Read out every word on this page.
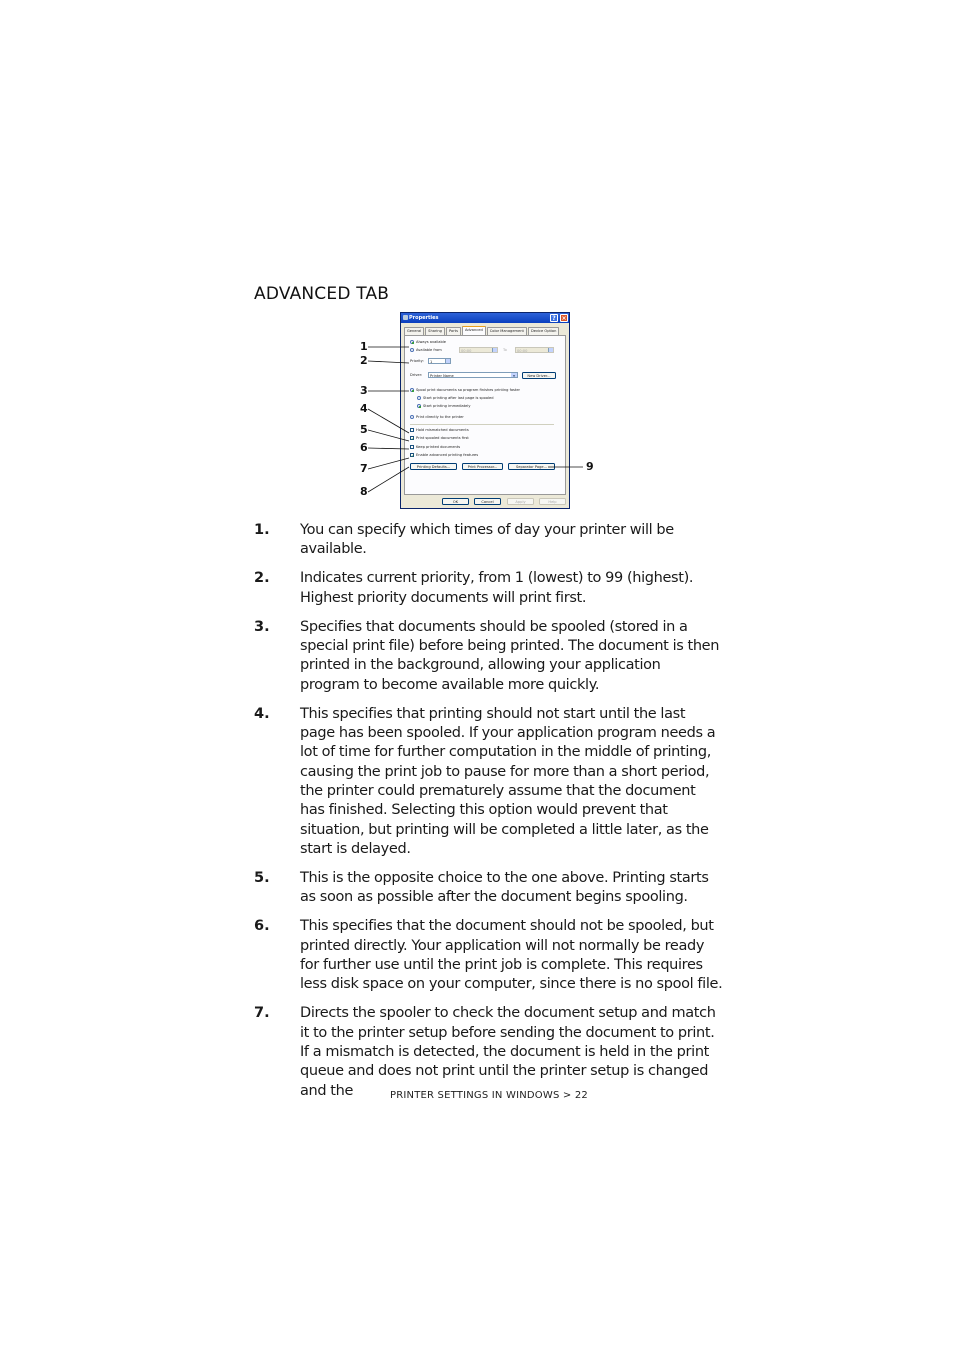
ADVANCED TAB
1
2
3
4
5
6
7
8
9
Properties	? ×
General	Sharing	Ports	Advanced	Color Management	Device Option
Always available
Available from	00:00	To	00:00
Priority:	1
Driver:	Printer Name	▼	New Driver...
Spool print documents so program finishes printing faster
Start printing after last page is spooled
Start printing immediately
Print directly to the printer
Hold mismatched documents
✓ Print spooled documents first
Keep printed documents
✓ Enable advanced printing features
Printing Defaults...	Print Processor...	Separator Page...
OK	Cancel	Apply	Help
1.	You can specify which times of day your printer will be available.
2.	Indicates current priority, from 1 (lowest) to 99 (highest). Highest priority documents will print first.
3.	Specifies that documents should be spooled (stored in a special print file) before being printed. The document is then printed in the background, allowing your application program to become available more quickly.
4.	This specifies that printing should not start until the last page has been spooled. If your application program needs a lot of time for further computation in the middle of printing, causing the print job to pause for more than a short period, the printer could prematurely assume that the document has finished. Selecting this option would prevent that situation, but printing will be completed a little later, as the start is delayed.
5.	This is the opposite choice to the one above. Printing starts as soon as possible after the document begins spooling.
6.	This specifies that the document should not be spooled, but printed directly. Your application will not normally be ready for further use until the print job is complete. This requires less disk space on your computer, since there is no spool file.
7.	Directs the spooler to check the document setup and match it to the printer setup before sending the document to print. If a mismatch is detected, the document is held in the print queue and does not print until the printer setup is changed and the	PRINTER SETTINGS IN WINDOWS > 22
